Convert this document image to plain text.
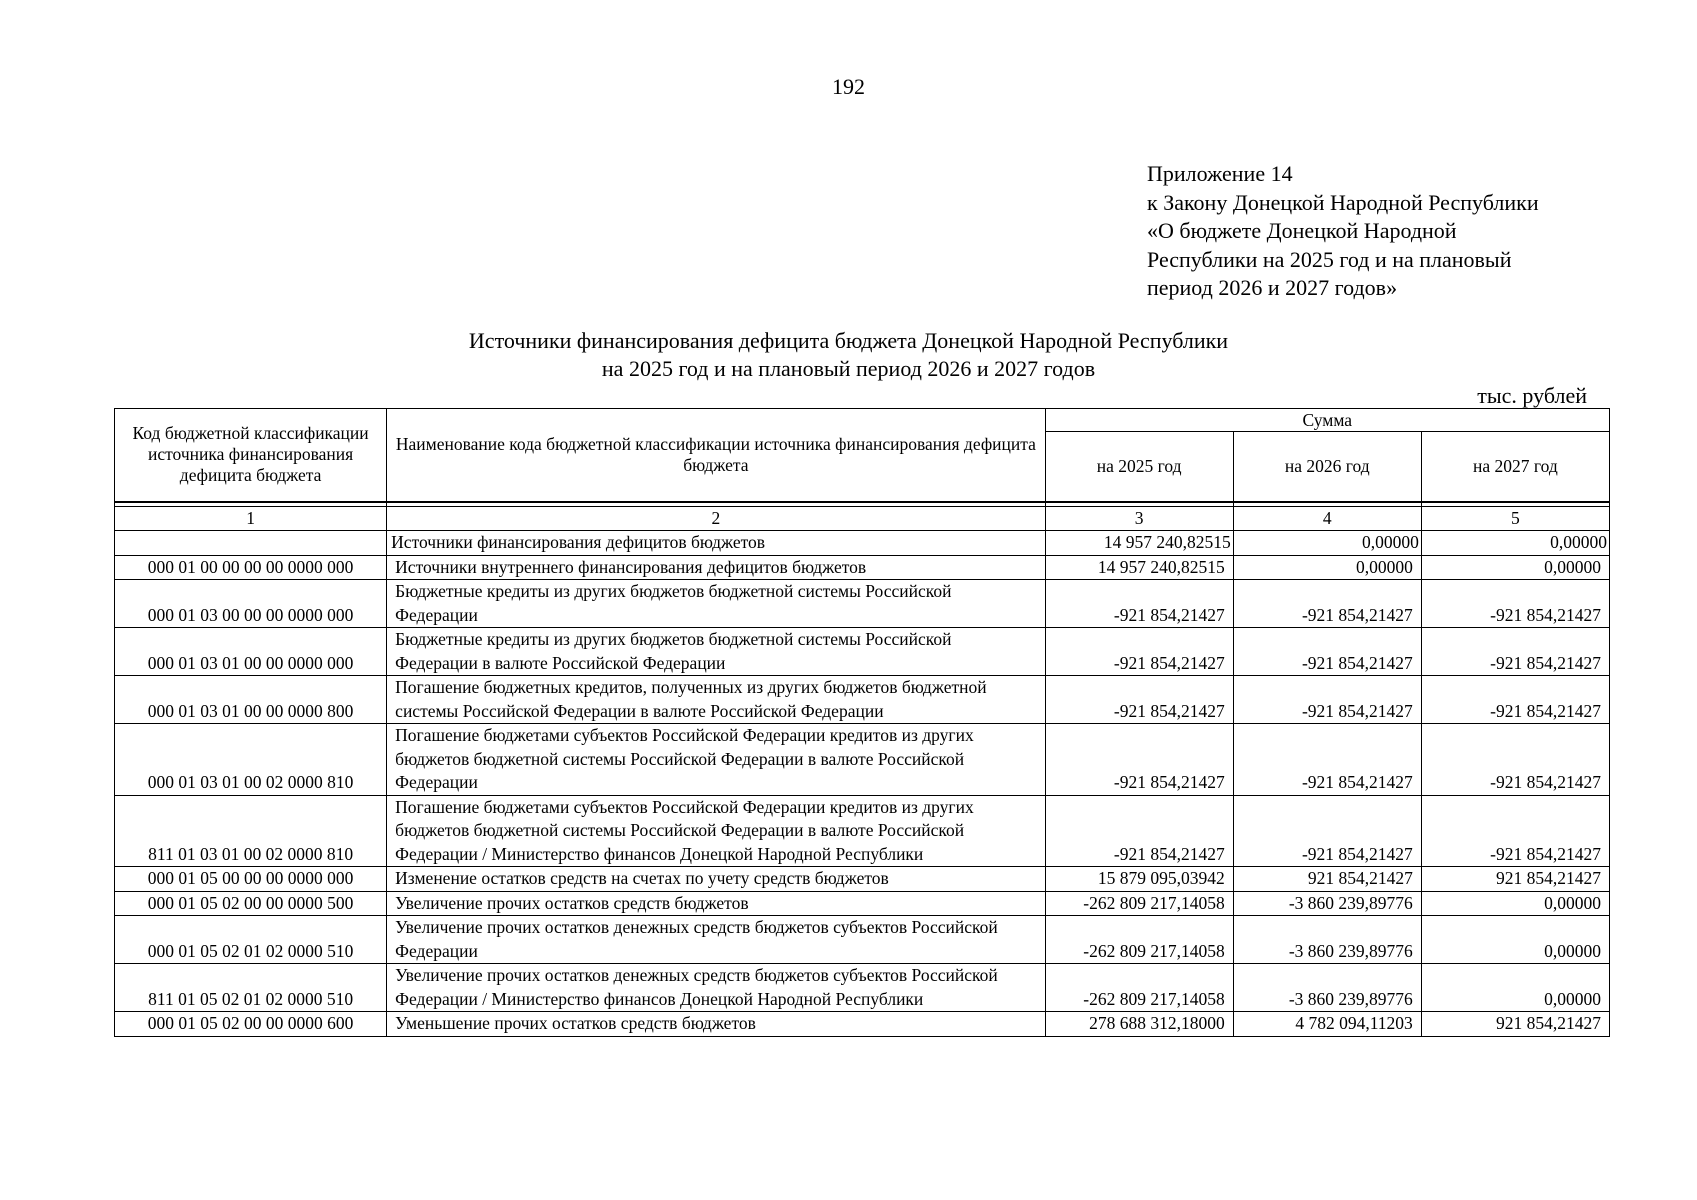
192
Приложение 14
к Закону Донецкой Народной Республики
«О бюджете Донецкой Народной
Республики на 2025 год и на плановый
период 2026 и 2027 годов»
Источники финансирования дефицита бюджета Донецкой Народной Республики
на 2025 год и на плановый период 2026 и 2027 годов
тыс. рублей
Код бюджетной классификации источника финансирования дефицита бюджета	Наименование кода бюджетной классификации источника финансирования дефицита бюджета	Сумма		
		на 2025 год	на 2026 год	на 2027 год

1	2	3	4	5
	Источники финансирования дефицитов бюджетов	14 957 240,82515	0,00000	0,00000
000 01 00 00 00 00 0000 000	Источники внутреннего финансирования дефицитов бюджетов	14 957 240,82515	0,00000	0,00000
000 01 03 00 00 00 0000 000	Бюджетные кредиты из других бюджетов бюджетной системы Российской Федерации	-921 854,21427	-921 854,21427	-921 854,21427
000 01 03 01 00 00 0000 000	Бюджетные кредиты из других бюджетов бюджетной системы Российской Федерации в валюте Российской Федерации	-921 854,21427	-921 854,21427	-921 854,21427
000 01 03 01 00 00 0000 800	Погашение бюджетных кредитов, полученных из других бюджетов бюджетной системы Российской Федерации в валюте Российской Федерации	-921 854,21427	-921 854,21427	-921 854,21427
000 01 03 01 00 02 0000 810	Погашение бюджетами субъектов Российской Федерации кредитов из других бюджетов бюджетной системы Российской Федерации в валюте Российской Федерации	-921 854,21427	-921 854,21427	-921 854,21427
811 01 03 01 00 02 0000 810	Погашение бюджетами субъектов Российской Федерации кредитов из других бюджетов бюджетной системы Российской Федерации в валюте Российской Федерации / Министерство финансов Донецкой Народной Республики	-921 854,21427	-921 854,21427	-921 854,21427
000 01 05 00 00 00 0000 000	Изменение остатков средств на счетах по учету средств бюджетов	15 879 095,03942	921 854,21427	921 854,21427
000 01 05 02 00 00 0000 500	Увеличение прочих остатков средств бюджетов	-262 809 217,14058	-3 860 239,89776	0,00000
000 01 05 02 01 02 0000 510	Увеличение прочих остатков денежных средств бюджетов субъектов Российской Федерации	-262 809 217,14058	-3 860 239,89776	0,00000
811 01 05 02 01 02 0000 510	Увеличение прочих остатков денежных средств бюджетов субъектов Российской Федерации / Министерство финансов Донецкой Народной Республики	-262 809 217,14058	-3 860 239,89776	0,00000
000 01 05 02 00 00 0000 600	Уменьшение прочих остатков средств бюджетов	278 688 312,18000	4 782 094,11203	921 854,21427
